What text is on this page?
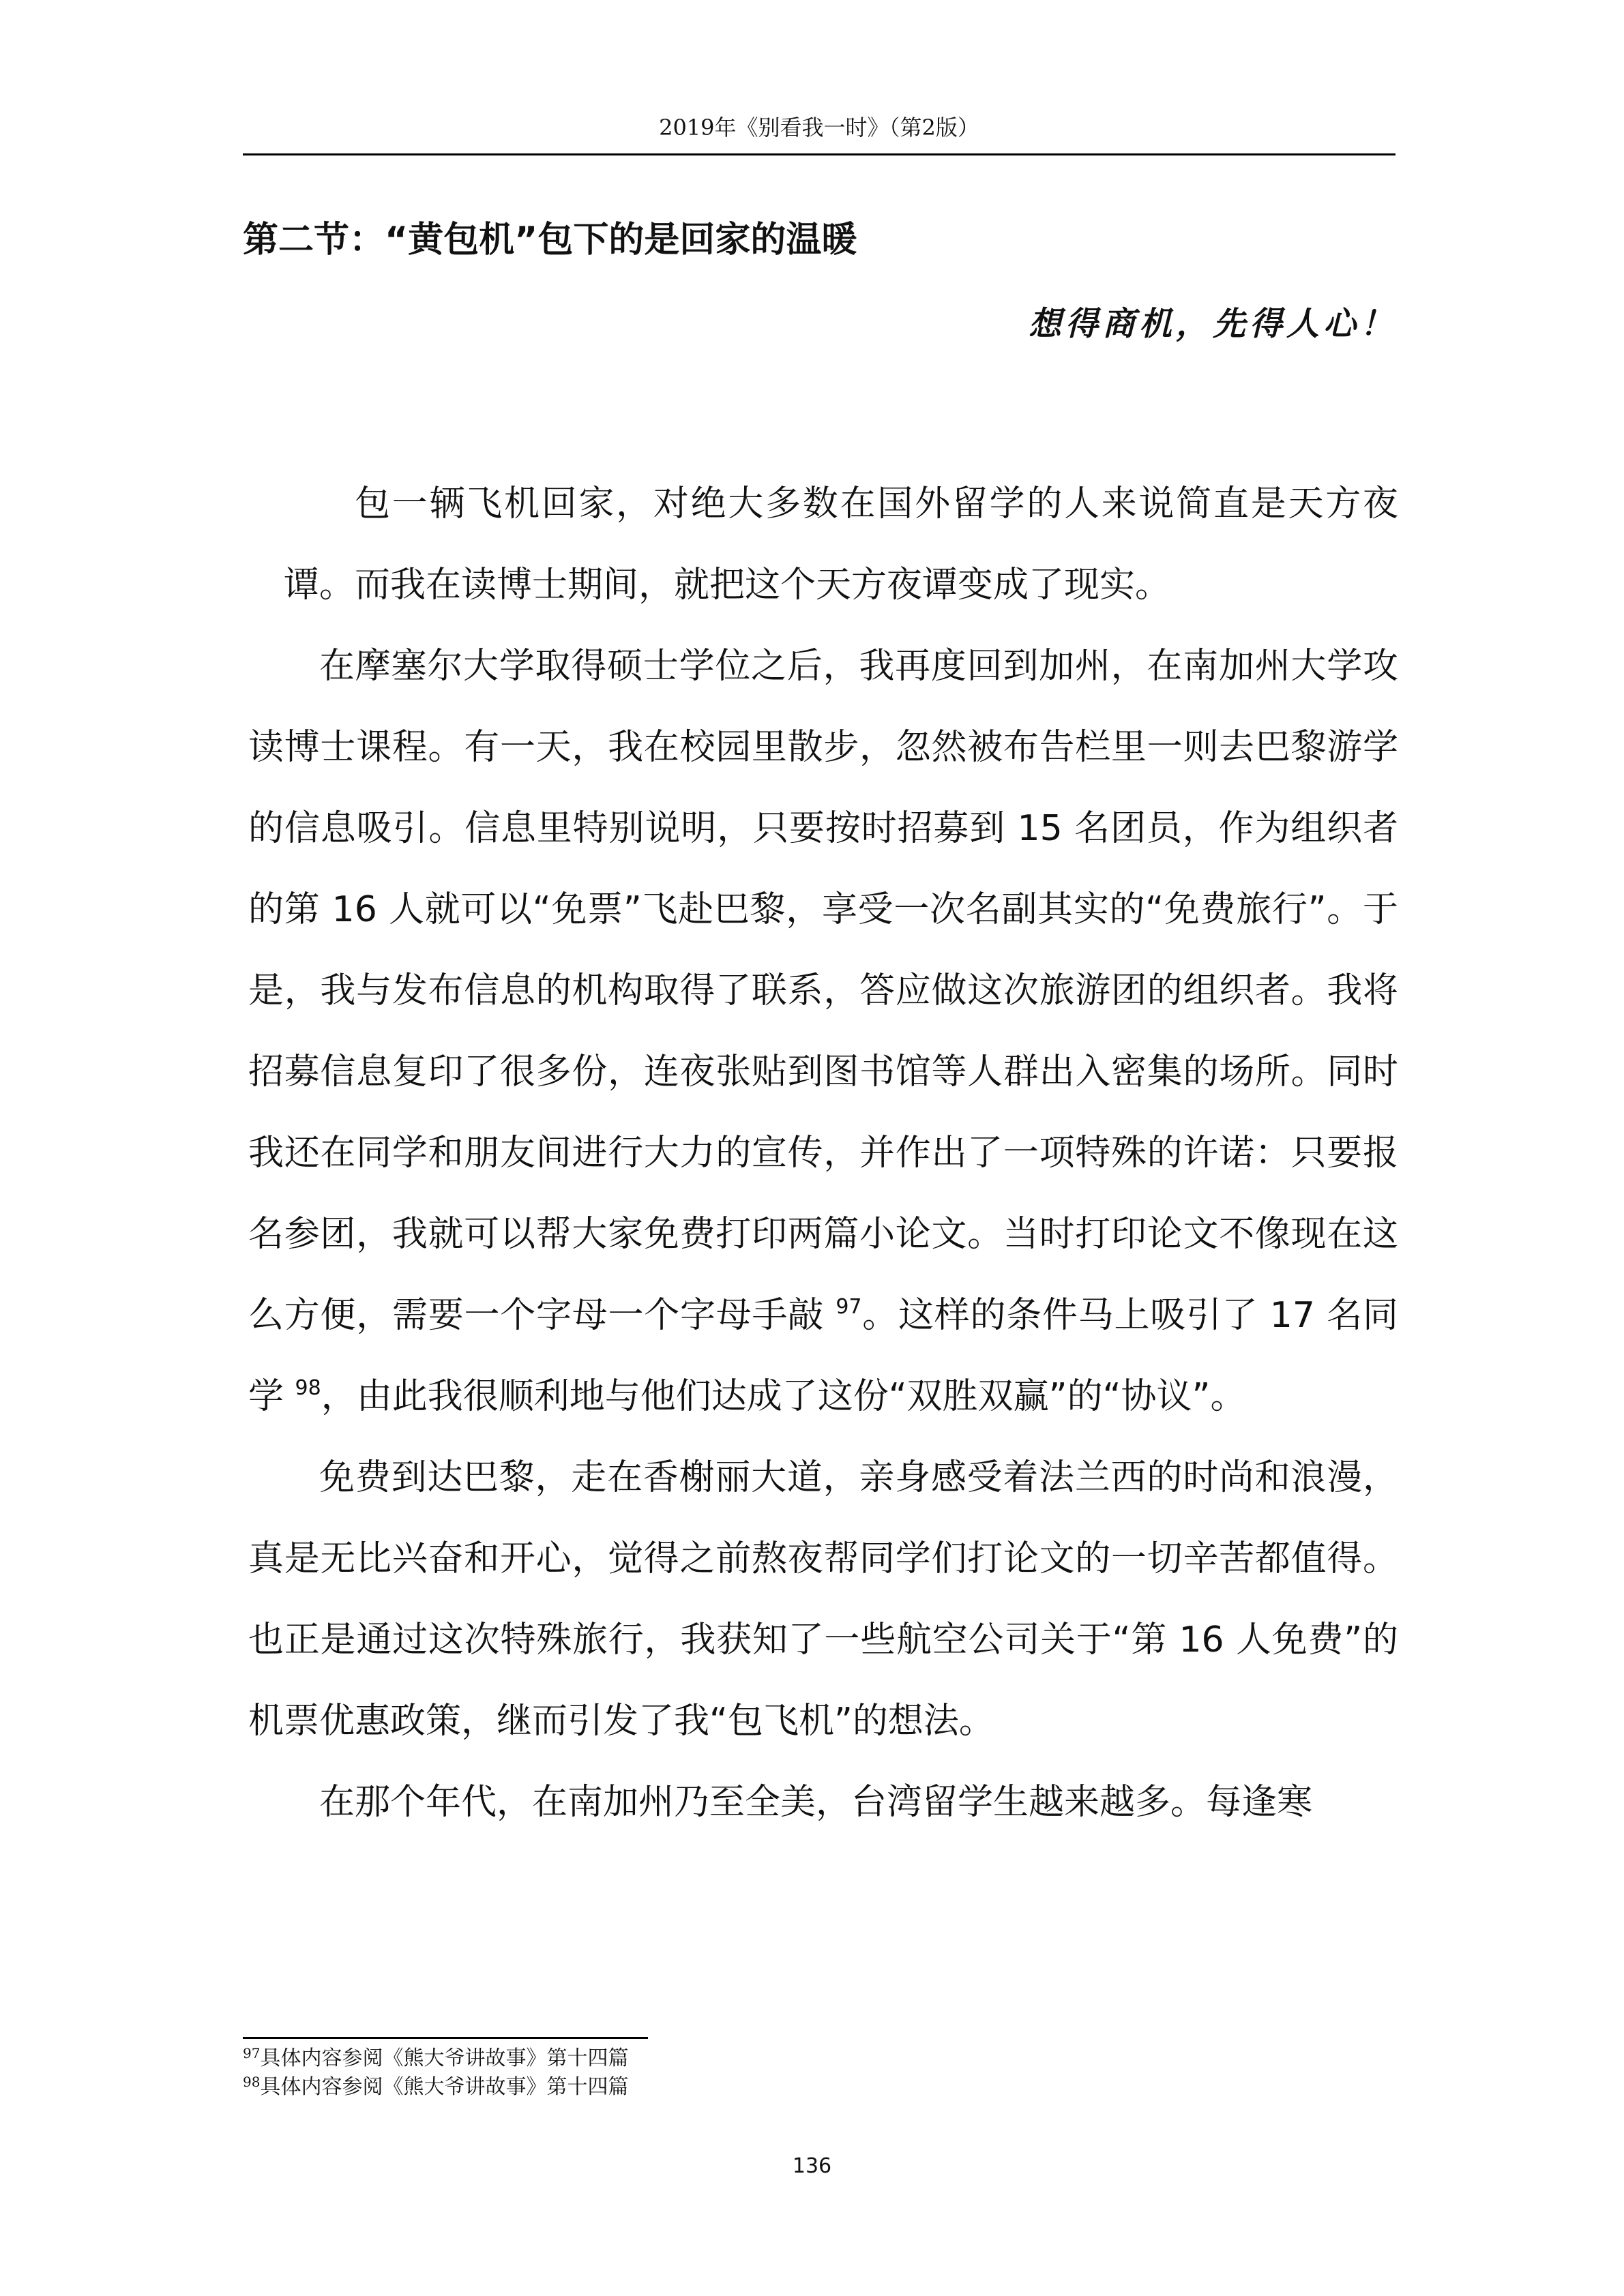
2019年《别看我一时》（第2版）
第二节：“黄包机”包下的是回家的温暖
想得商机，先得人心！

包一辆飞机回家，对绝大多数在国外留学的人来说简直是天方夜谭。而我在读博士期间，就把这个天方夜谭变成了现实。

在摩塞尔大学取得硕士学位之后，我再度回到加州，在南加州大学攻读博士课程。有一天，我在校园里散步，忽然被布告栏里一则去巴黎游学的信息吸引。信息里特别说明，只要按时招募到 15 名团员，作为组织者的第 16 人就可以“免票”飞赴巴黎，享受一次名副其实的“免费旅行”。于是，我与发布信息的机构取得了联系，答应做这次旅游团的组织者。我将招募信息复印了很多份，连夜张贴到图书馆等人群出入密集的场所。同时我还在同学和朋友间进行大力的宣传，并作出了一项特殊的许诺：只要报名参团，我就可以帮大家免费打印两篇小论文。当时打印论文不像现在这么方便，需要一个字母一个字母手敲 $^{97}$。这样的条件马上吸引了 17 名同学 $^{98}$，由此我很顺利地与他们达成了这份“双胜双赢”的“协议”。

免费到达巴黎，走在香榭丽大道，亲身感受着法兰西的时尚和浪漫，真是无比兴奋和开心，觉得之前熬夜帮同学们打论文的一切辛苦都值得。也正是通过这次特殊旅行，我获知了一些航空公司关于“第 16 人免费”的机票优惠政策，继而引发了我“包飞机”的想法。

在那个年代，在南加州乃至全美，台湾留学生越来越多。每逢寒

$^{97}$具体内容参阅《熊大爷讲故事》第十四篇
$^{98}$具体内容参阅《熊大爷讲故事》第十四篇
136
